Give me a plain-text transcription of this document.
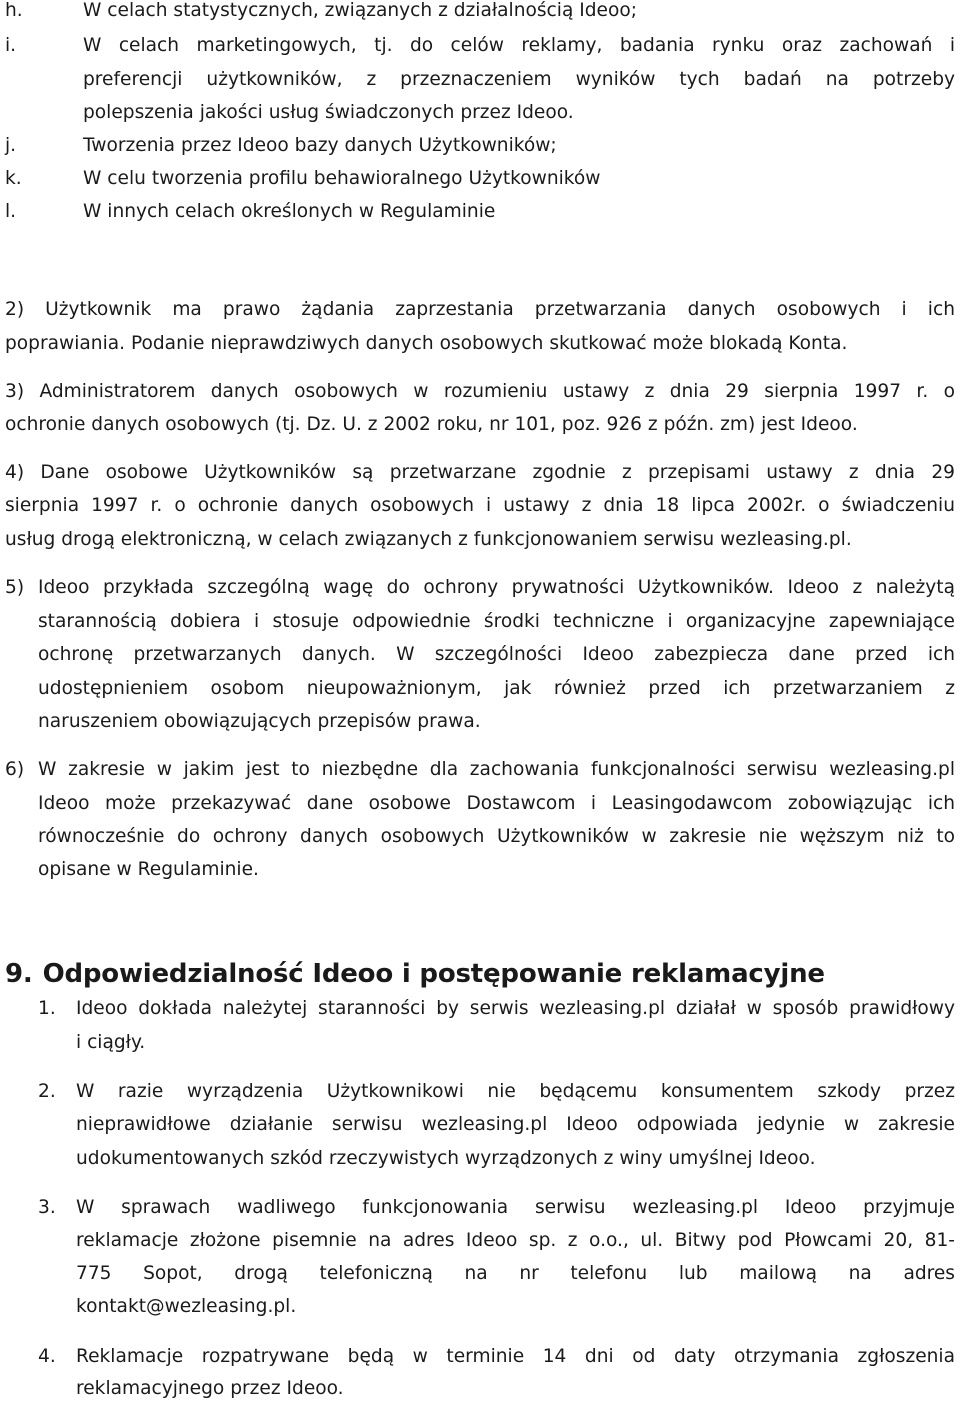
h.	W celach statystycznych, związanych z działalnością Ideoo;
i.	W celach marketingowych, tj. do celów reklamy, badania rynku oraz zachowań i
preferencji użytkowników, z przeznaczeniem wyników tych badań na potrzeby
polepszenia jakości usług świadczonych przez Ideoo.
j.	Tworzenia przez Ideoo bazy danych Użytkowników;
k.	W celu tworzenia profilu behawioralnego Użytkowników
l.	W innych celach określonych w Regulaminie
2) Użytkownik ma prawo żądania zaprzestania przetwarzania danych osobowych i ich
poprawiania. Podanie nieprawdziwych danych osobowych skutkować może blokadą Konta.
3) Administratorem danych osobowych w rozumieniu ustawy z dnia 29 sierpnia 1997 r. o
ochronie danych osobowych (tj. Dz. U. z 2002 roku, nr 101, poz. 926 z późn. zm) jest Ideoo.
4) Dane osobowe Użytkowników są przetwarzane zgodnie z przepisami ustawy z dnia 29
sierpnia 1997 r. o ochronie danych osobowych i ustawy z dnia 18 lipca 2002r. o świadczeniu
usług drogą elektroniczną, w celach związanych z funkcjonowaniem serwisu wezleasing.pl.
5) Ideoo przykłada szczególną wagę do ochrony prywatności Użytkowników. Ideoo z należytą
starannością dobiera i stosuje odpowiednie środki techniczne i organizacyjne zapewniające
ochronę przetwarzanych danych. W szczególności Ideoo zabezpiecza dane przed ich
udostępnieniem osobom nieupoważnionym, jak również przed ich przetwarzaniem z
naruszeniem obowiązujących przepisów prawa.
6) W zakresie w jakim jest to niezbędne dla zachowania funkcjonalności serwisu wezleasing.pl
Ideoo może przekazywać dane osobowe Dostawcom i Leasingodawcom zobowiązując ich
równocześnie do ochrony danych osobowych Użytkowników w zakresie nie węższym niż to
opisane w Regulaminie.
9. Odpowiedzialność Ideoo i postępowanie reklamacyjne
1. Ideoo dokłada należytej staranności by serwis wezleasing.pl działał w sposób prawidłowy
i ciągły.
2. W razie wyrządzenia Użytkownikowi nie będącemu konsumentem szkody przez
nieprawidłowe działanie serwisu wezleasing.pl Ideoo odpowiada jedynie w zakresie
udokumentowanych szkód rzeczywistych wyrządzonych z winy umyślnej Ideoo.
3. W sprawach wadliwego funkcjonowania serwisu wezleasing.pl Ideoo przyjmuje
reklamacje złożone pisemnie na adres Ideoo sp. z o.o., ul. Bitwy pod Płowcami 20, 81-
775 Sopot, drogą telefoniczną na nr telefonu lub mailową na adres
kontakt@wezleasing.pl.
4. Reklamacje rozpatrywane będą w terminie 14 dni od daty otrzymania zgłoszenia
reklamacyjnego przez Ideoo.
